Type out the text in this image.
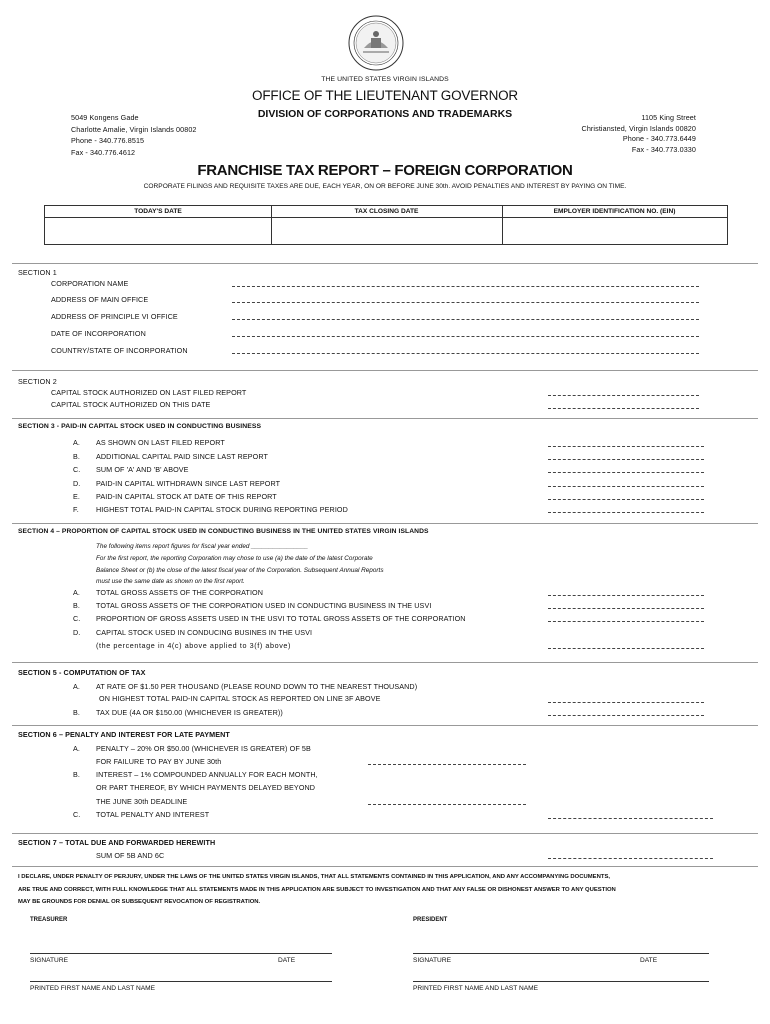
THE UNITED STATES VIRGIN ISLANDS
OFFICE OF THE LIEUTENANT GOVERNOR
DIVISION OF CORPORATIONS AND TRADEMARKS
5049 Kongens Gade
Charlotte Amalie, Virgin Islands 00802
Phone - 340.776.8515
Fax - 340.776.4612
1105 King Street
Christiansted, Virgin Islands 00820
Phone - 340.773.6449
Fax - 340.773.0330
FRANCHISE TAX REPORT – FOREIGN CORPORATION
CORPORATE FILINGS AND REQUISITE TAXES ARE DUE, EACH YEAR, ON OR BEFORE JUNE 30th. AVOID PENALTIES AND INTEREST BY PAYING ON TIME.
TODAY'S DATE	TAX CLOSING DATE	EMPLOYER IDENTIFICATION NO. (EIN)
SECTION 1
CORPORATION NAME
ADDRESS OF MAIN OFFICE
ADDRESS OF PRINCIPLE VI OFFICE
DATE OF INCORPORATION
COUNTRY/STATE OF INCORPORATION
SECTION 2
CAPITAL STOCK AUTHORIZED ON LAST FILED REPORT
CAPITAL STOCK AUTHORIZED ON THIS DATE
SECTION 3 - PAID-IN CAPITAL STOCK USED IN CONDUCTING BUSINESS
A. AS SHOWN ON LAST FILED REPORT
B. ADDITIONAL CAPITAL PAID SINCE LAST REPORT
C. SUM OF 'A' AND 'B' ABOVE
D. PAID-IN CAPITAL WITHDRAWN SINCE LAST REPORT
E. PAID-IN CAPITAL STOCK AT DATE OF THIS REPORT
F. HIGHEST TOTAL PAID-IN CAPITAL STOCK DURING REPORTING PERIOD
SECTION 4 – PROPORTION OF CAPITAL STOCK USED IN CONDUCTING BUSINESS IN THE UNITED STATES VIRGIN ISLANDS
The following items report figures for fiscal year ended ________________
For the first report, the reporting Corporation may chose to use (a) the date of the latest Corporate
Balance Sheet or (b) the close of the latest fiscal year of the Corporation. Subsequent Annual Reports
must use the same date as shown on the first report.
A. TOTAL GROSS ASSETS OF THE CORPORATION
B. TOTAL GROSS ASSETS OF THE CORPORATION USED IN CONDUCTING BUSINESS IN THE USVI
C. PROPORTION OF GROSS ASSETS USED IN THE USVI TO TOTAL GROSS ASSETS OF THE CORPORATION
D. CAPITAL STOCK USED IN CONDUCING BUSINES IN THE USVI
(the percentage in 4(c) above applied to 3(f) above)
SECTION 5 - COMPUTATION OF TAX
A. AT RATE OF $1.50 PER THOUSAND (PLEASE ROUND DOWN TO THE NEAREST THOUSAND)
ON HIGHEST TOTAL PAID-IN CAPITAL STOCK AS REPORTED ON LINE 3F ABOVE
B. TAX DUE (4A OR $150.00 (WHICHEVER IS GREATER))
SECTION 6 – PENALTY AND INTEREST FOR LATE PAYMENT
A. PENALTY – 20% OR $50.00 (WHICHEVER IS GREATER) OF 5B
FOR FAILURE TO PAY BY JUNE 30th
B. INTEREST – 1% COMPOUNDED ANNUALLY FOR EACH MONTH,
OR PART THEREOF, BY WHICH PAYMENTS DELAYED BEYOND
THE JUNE 30th DEADLINE
C. TOTAL PENALTY AND INTEREST
SECTION 7 – TOTAL DUE AND FORWARDED HEREWITH
SUM OF 5B AND 6C
I DECLARE, UNDER PENALTY OF PERJURY, UNDER THE LAWS OF THE UNITED STATES VIRGIN ISLANDS, THAT ALL STATEMENTS CONTAINED IN THIS APPLICATION, AND ANY ACCOMPANYING DOCUMENTS,
ARE TRUE AND CORRECT, WITH FULL KNOWLEDGE THAT ALL STATEMENTS MADE IN THIS APPLICATION ARE SUBJECT TO INVESTIGATION AND THAT ANY FALSE OR DISHONEST ANSWER TO ANY QUESTION
MAY BE GROUNDS FOR DENIAL OR SUBSEQUENT REVOCATION OF REGISTRATION.
TREASURER	PRESIDENT
SIGNATURE	DATE	SIGNATURE	DATE
PRINTED FIRST NAME AND LAST NAME	PRINTED FIRST NAME AND LAST NAME
